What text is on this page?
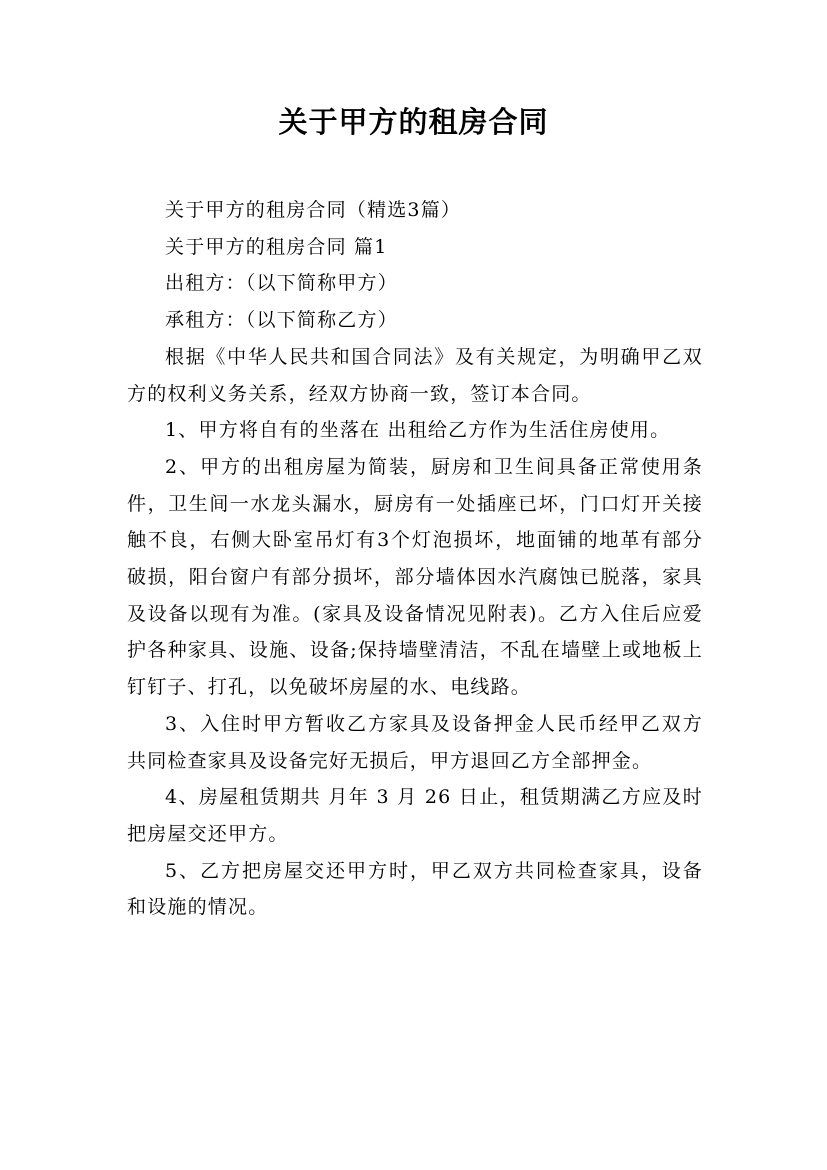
关于甲方的租房合同

关于甲方的租房合同（精选3篇）

关于甲方的租房合同 篇1

出租方：（以下简称甲方）

承租方：（以下简称乙方）

根据《中华人民共和国合同法》及有关规定，为明确甲乙双方的权利义务关系，经双方协商一致，签订本合同。

1、甲方将自有的坐落在 出租给乙方作为生活住房使用。

2、甲方的出租房屋为简装，厨房和卫生间具备正常使用条件，卫生间一水龙头漏水，厨房有一处插座已坏，门口灯开关接触不良，右侧大卧室吊灯有3个灯泡损坏，地面铺的地革有部分破损，阳台窗户有部分损坏，部分墙体因水汽腐蚀已脱落，家具及设备以现有为准。(家具及设备情况见附表)。乙方入住后应爱护各种家具、设施、设备;保持墙壁清洁，不乱在墙壁上或地板上钉钉子、打孔，以免破坏房屋的水、电线路。

3、入住时甲方暂收乙方家具及设备押金人民币经甲乙双方共同检查家具及设备完好无损后，甲方退回乙方全部押金。

4、房屋租赁期共 月年 3 月 26 日止，租赁期满乙方应及时把房屋交还甲方。

5、乙方把房屋交还甲方时，甲乙双方共同检查家具，设备和设施的情况。
